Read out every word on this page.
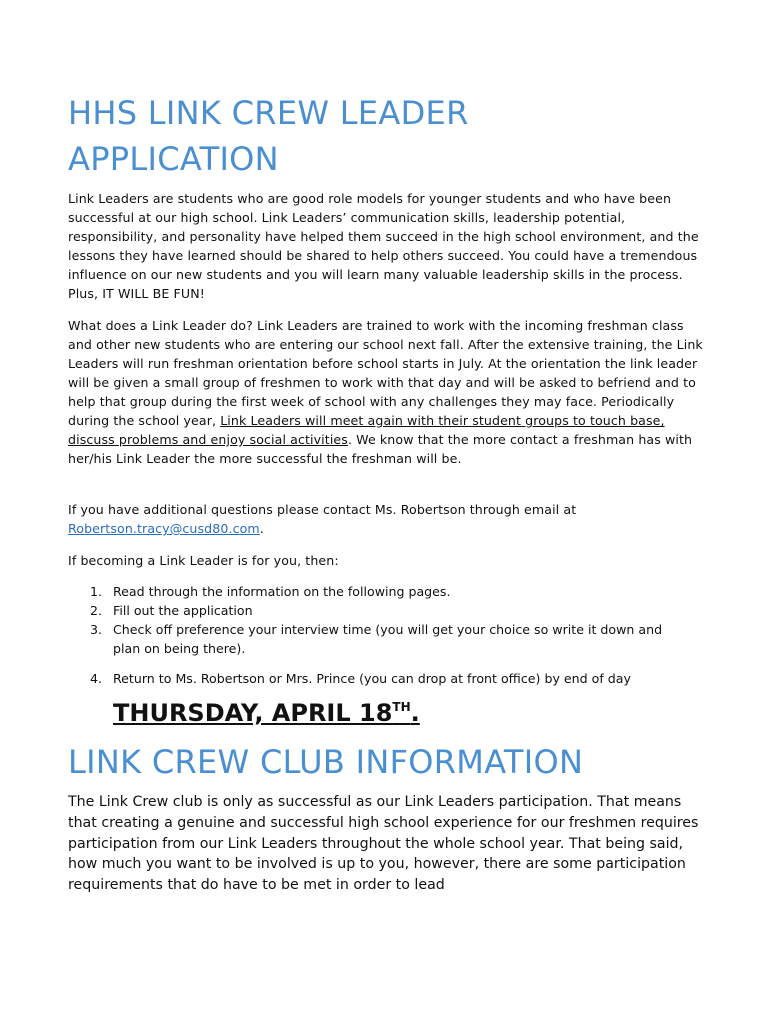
HHS LINK CREW LEADER APPLICATION

Link Leaders are students who are good role models for younger students and who have been successful at our high school. Link Leaders’ communication skills, leadership potential, responsibility, and personality have helped them succeed in the high school environment, and the lessons they have learned should be shared to help others succeed. You could have a tremendous influence on our new students and you will learn many valuable leadership skills in the process. Plus, IT WILL BE FUN!

What does a Link Leader do? Link Leaders are trained to work with the incoming freshman class and other new students who are entering our school next fall. After the extensive training, the Link Leaders will run freshman orientation before school starts in July. At the orientation the link leader will be given a small group of freshmen to work with that day and will be asked to befriend and to help that group during the first week of school with any challenges they may face. Periodically during the school year, Link Leaders will meet again with their student groups to touch base, discuss problems and enjoy social activities. We know that the more contact a freshman has with her/his Link Leader the more successful the freshman will be.

If you have additional questions please contact Ms. Robertson through email at Robertson.tracy@cusd80.com.

If becoming a Link Leader is for you, then:

1. Read through the information on the following pages.
2. Fill out the application
3. Check off preference your interview time (you will get your choice so write it down and plan on being there).
4. Return to Ms. Robertson or Mrs. Prince (you can drop at front office) by end of day
THURSDAY, APRIL 18TH.
LINK CREW CLUB INFORMATION

The Link Crew club is only as successful as our Link Leaders participation. That means that creating a genuine and successful high school experience for our freshmen requires participation from our Link Leaders throughout the whole school year. That being said, how much you want to be involved is up to you, however, there are some participation requirements that do have to be met in order to lead
